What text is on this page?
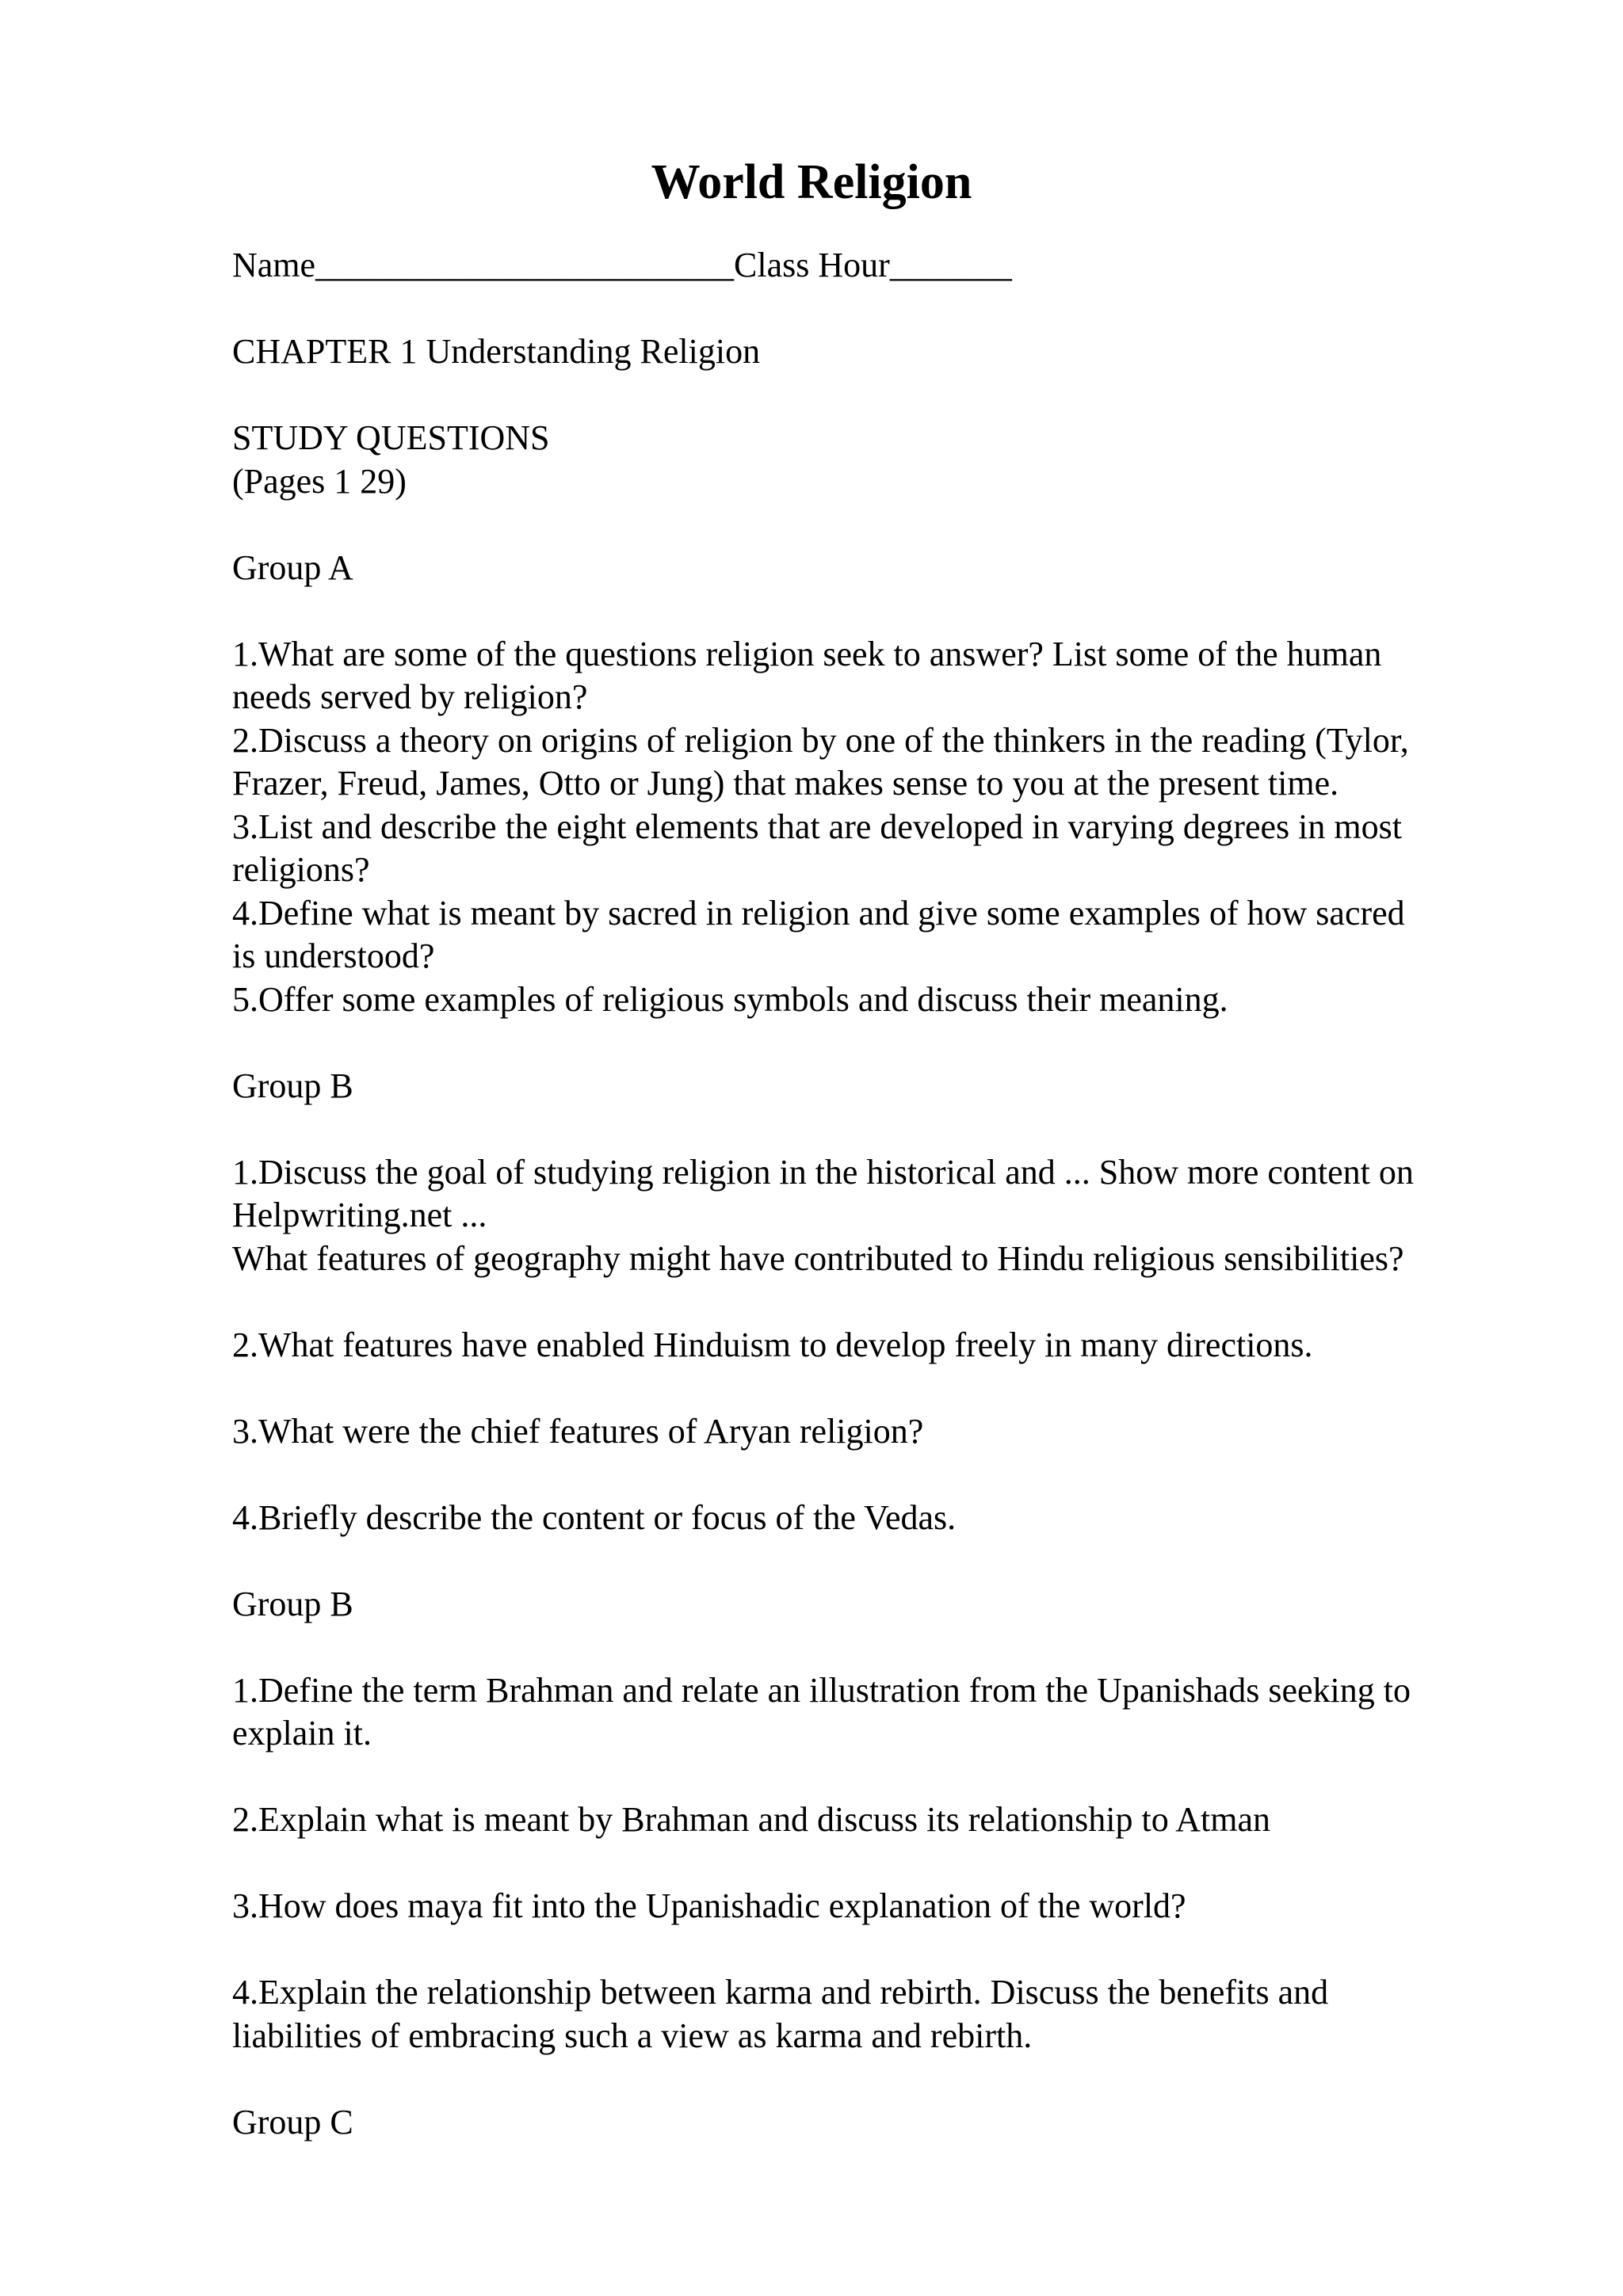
World Religion

Name________________________Class Hour_______

CHAPTER 1 Understanding Religion

STUDY QUESTIONS

(Pages 1 29)

Group A

1.What are some of the questions religion seek to answer? List some of the human

needs served by religion?

2.Discuss a theory on origins of religion by one of the thinkers in the reading (Tylor,

Frazer, Freud, James, Otto or Jung) that makes sense to you at the present time.

3.List and describe the eight elements that are developed in varying degrees in most

religions?

4.Define what is meant by sacred in religion and give some examples of how sacred

is understood?

5.Offer some examples of religious symbols and discuss their meaning.

Group B

1.Discuss the goal of studying religion in the historical and ... Show more content on

Helpwriting.net ...

What features of geography might have contributed to Hindu religious sensibilities?

2.What features have enabled Hinduism to develop freely in many directions.

3.What were the chief features of Aryan religion?

4.Briefly describe the content or focus of the Vedas.

Group B

1.Define the term Brahman and relate an illustration from the Upanishads seeking to

explain it.

2.Explain what is meant by Brahman and discuss its relationship to Atman

3.How does maya fit into the Upanishadic explanation of the world?

4.Explain the relationship between karma and rebirth. Discuss the benefits and

liabilities of embracing such a view as karma and rebirth.

Group C
